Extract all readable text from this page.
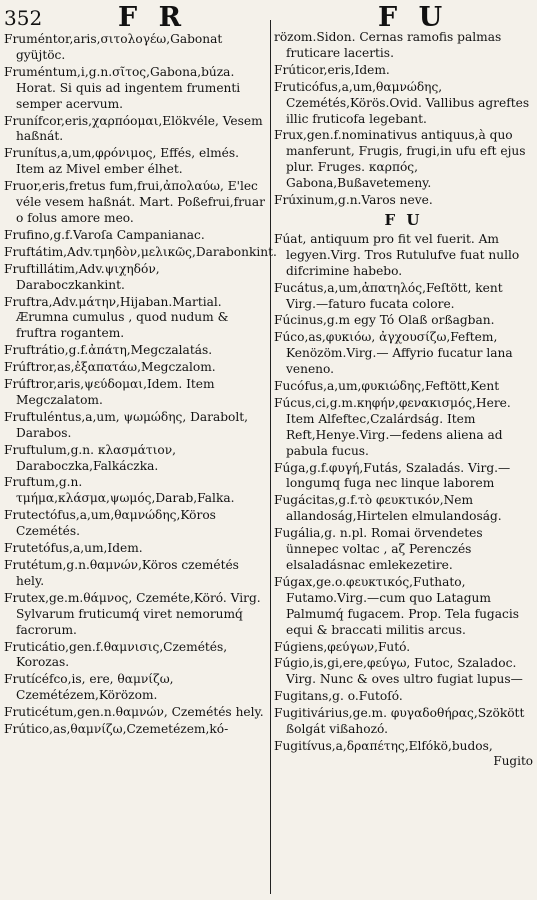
352	F R	F U
Fruméntor,aris,σιτολογέω,Gabonat gyüjtöc.
Fruméntum,i,g.n.σῖτος,Gabona,búza. Horat. Si quis ad ingentem frumenti semper acervum.
Frunífcor,eris,χαρπόομαι,Elökvéle, Vesem haßnát.
Frunítus,a,um,φρόνιμος, Effés, elmés. Item az Mivel ember élhet.
Fruor,eris,fretus fum,frui,ἀπολαύω, E'lec véle vesem haßnát. Mart. Poßefrui,fruar o folus amore meo.
Frufino,g.f.Varoſa Campanianac.
Fruftátim,Adv.τμηδὸν,μελικῶς,Darabonkint.
Fruftillátim,Adv.ψιχηδόν, Daraboczkankint.
Fruftra,Adv.μάτην,Hijaban.Martial. Ærumna cumulus , quod nudum & fruftra rogantem.
Fruftrátio,g.f.ἀπάτη,Megczalatás.
Frúftror,as,ἐξαπατάω,Megczalom.
Frúftror,aris,ψεύδομαι,Idem. Item Megczalatom.
Fruftuléntus,a,um, ψωμώδης, Darabolt, Darabos.
Fruftulum,g.n. κλασμάτιον, Daraboczka,Falkáczka.
Fruftum,g.n. τμήμα,κλάσμα,ψωμός,Darab,Falka.
Frutectófus,a,um,θαμνώδης,Köros Czemétés.
Frutetófus,a,um,Idem.
Frutétum,g.n.θαμνών,Köros czemétés hely.
Frutex,ge.m.θάμνος, Czeméte,Köró. Virg. Sylvarum fruticumq́ viret nemorumq́ facrorum.
Fruticátio,gen.f.θαμνισις,Czemétés, Korozas.
Frutícéfco,is, ere, θαμνίζω, Czemétézem,Körözom.
Fruticétum,gen.n.θαμνών, Czemétés hely.
Frútico,as,θαμνίζω,Czemetézem,kó-
rözom.Sidon. Cernas ramofis palmas fruticare lacertis.
Frúticor,eris,Idem.
Fruticófus,a,um,θαμνώδης, Czemétés,Körös.Ovid. Vallibus agreftes illic fruticofa legebant.
Frux,gen.f.nominativus antiquus,à quo manferunt, Frugis, frugi,in ufu eft ejus plur. Fruges. καρπός, Gabona,Bußavetemeny.
Frúxinum,g.n.Varos neve.
F U
Fúat, antiquum pro fit vel fuerit. Am legyen.Virg. Tros Rutulufve fuat nullo difcrimine habebo.
Fucátus,a,um,ἀπατηλός,Feſtött, kent Virg.—faturo fucata colore.
Fúcinus,g.m egy Tó Olaß orßagban.
Fúco,as,φυκιόω, ἀγχουσίζω,Feftem, Kenözöm.Virg.— Affyrio fucatur lana veneno.
Fucófus,a,um,φυκιώδης,Feftött,Kent
Fúcus,ci,g.m.κηφήν,φενακισμός,Here. Item Alfeftec,Czalárdság. Item Reft,Henye.Virg.—fedens aliena ad pabula fucus.
Fúga,g.f.φυγή,Futás, Szaladás. Virg.—longumq fuga nec linque laborem
Fugácitas,g.f.τὸ φευκτικόν,Nem allandoság,Hirtelen elmulandoság.
Fugália,g. n.pl. Romai örvendetes ünnepec voltac , aζ Perenczés elsaladásnac emlekezetire.
Fúgax,ge.o.φευκτικός,Futhato, Futamo.Virg.—cum quo Latagum Palmumq́ fugacem. Prop. Tela fugacis equi & braccati militis arcus.
Fúgiens,φεύγων,Futó.
Fúgio,is,gi,ere,φεύγω, Futoc, Szaladoc. Virg. Nunc & oves ultro fugiat lupus—
Fugitans,g. o.Futoſó.
Fugitivárius,ge.m. φυγαδοθήρας,Szökött ßolgát vißahozó.
Fugitívus,a,δραπέτης,Elfókö,budos,
Fugito
